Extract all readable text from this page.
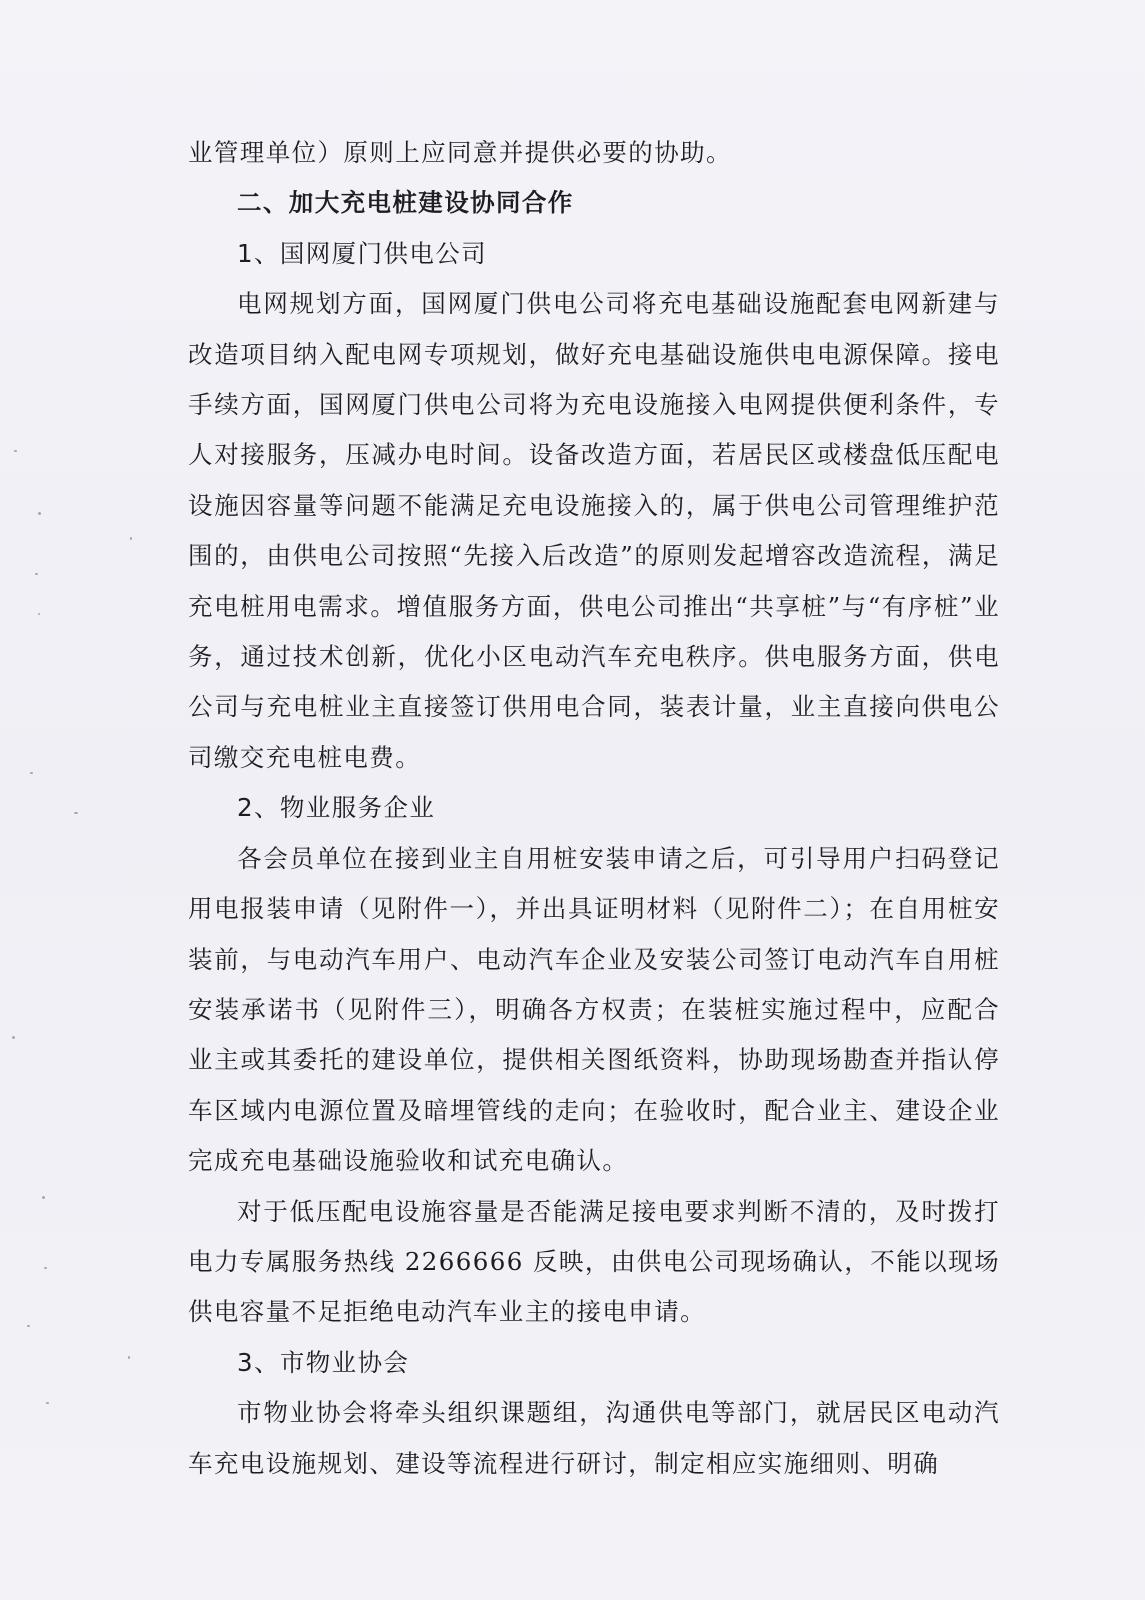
业管理单位）原则上应同意并提供必要的协助。

二、加大充电桩建设协同合作

1、国网厦门供电公司

电网规划方面，国网厦门供电公司将充电基础设施配套电网新建与改造项目纳入配电网专项规划，做好充电基础设施供电电源保障。接电手续方面，国网厦门供电公司将为充电设施接入电网提供便利条件，专人对接服务，压减办电时间。设备改造方面，若居民区或楼盘低压配电设施因容量等问题不能满足充电设施接入的，属于供电公司管理维护范围的，由供电公司按照“先接入后改造”的原则发起增容改造流程，满足充电桩用电需求。增值服务方面，供电公司推出“共享桩”与“有序桩”业务，通过技术创新，优化小区电动汽车充电秩序。供电服务方面，供电公司与充电桩业主直接签订供用电合同，装表计量，业主直接向供电公司缴交充电桩电费。

2、物业服务企业

各会员单位在接到业主自用桩安装申请之后，可引导用户扫码登记用电报装申请（见附件一），并出具证明材料（见附件二）；在自用桩安装前，与电动汽车用户、电动汽车企业及安装公司签订电动汽车自用桩安装承诺书（见附件三），明确各方权责；在装桩实施过程中，应配合业主或其委托的建设单位，提供相关图纸资料，协助现场勘查并指认停车区域内电源位置及暗埋管线的走向；在验收时，配合业主、建设企业完成充电基础设施验收和试充电确认。

对于低压配电设施容量是否能满足接电要求判断不清的，及时拨打电力专属服务热线 2266666 反映，由供电公司现场确认，不能以现场供电容量不足拒绝电动汽车业主的接电申请。

3、市物业协会

市物业协会将牵头组织课题组，沟通供电等部门，就居民区电动汽车充电设施规划、建设等流程进行研讨，制定相应实施细则、明确
